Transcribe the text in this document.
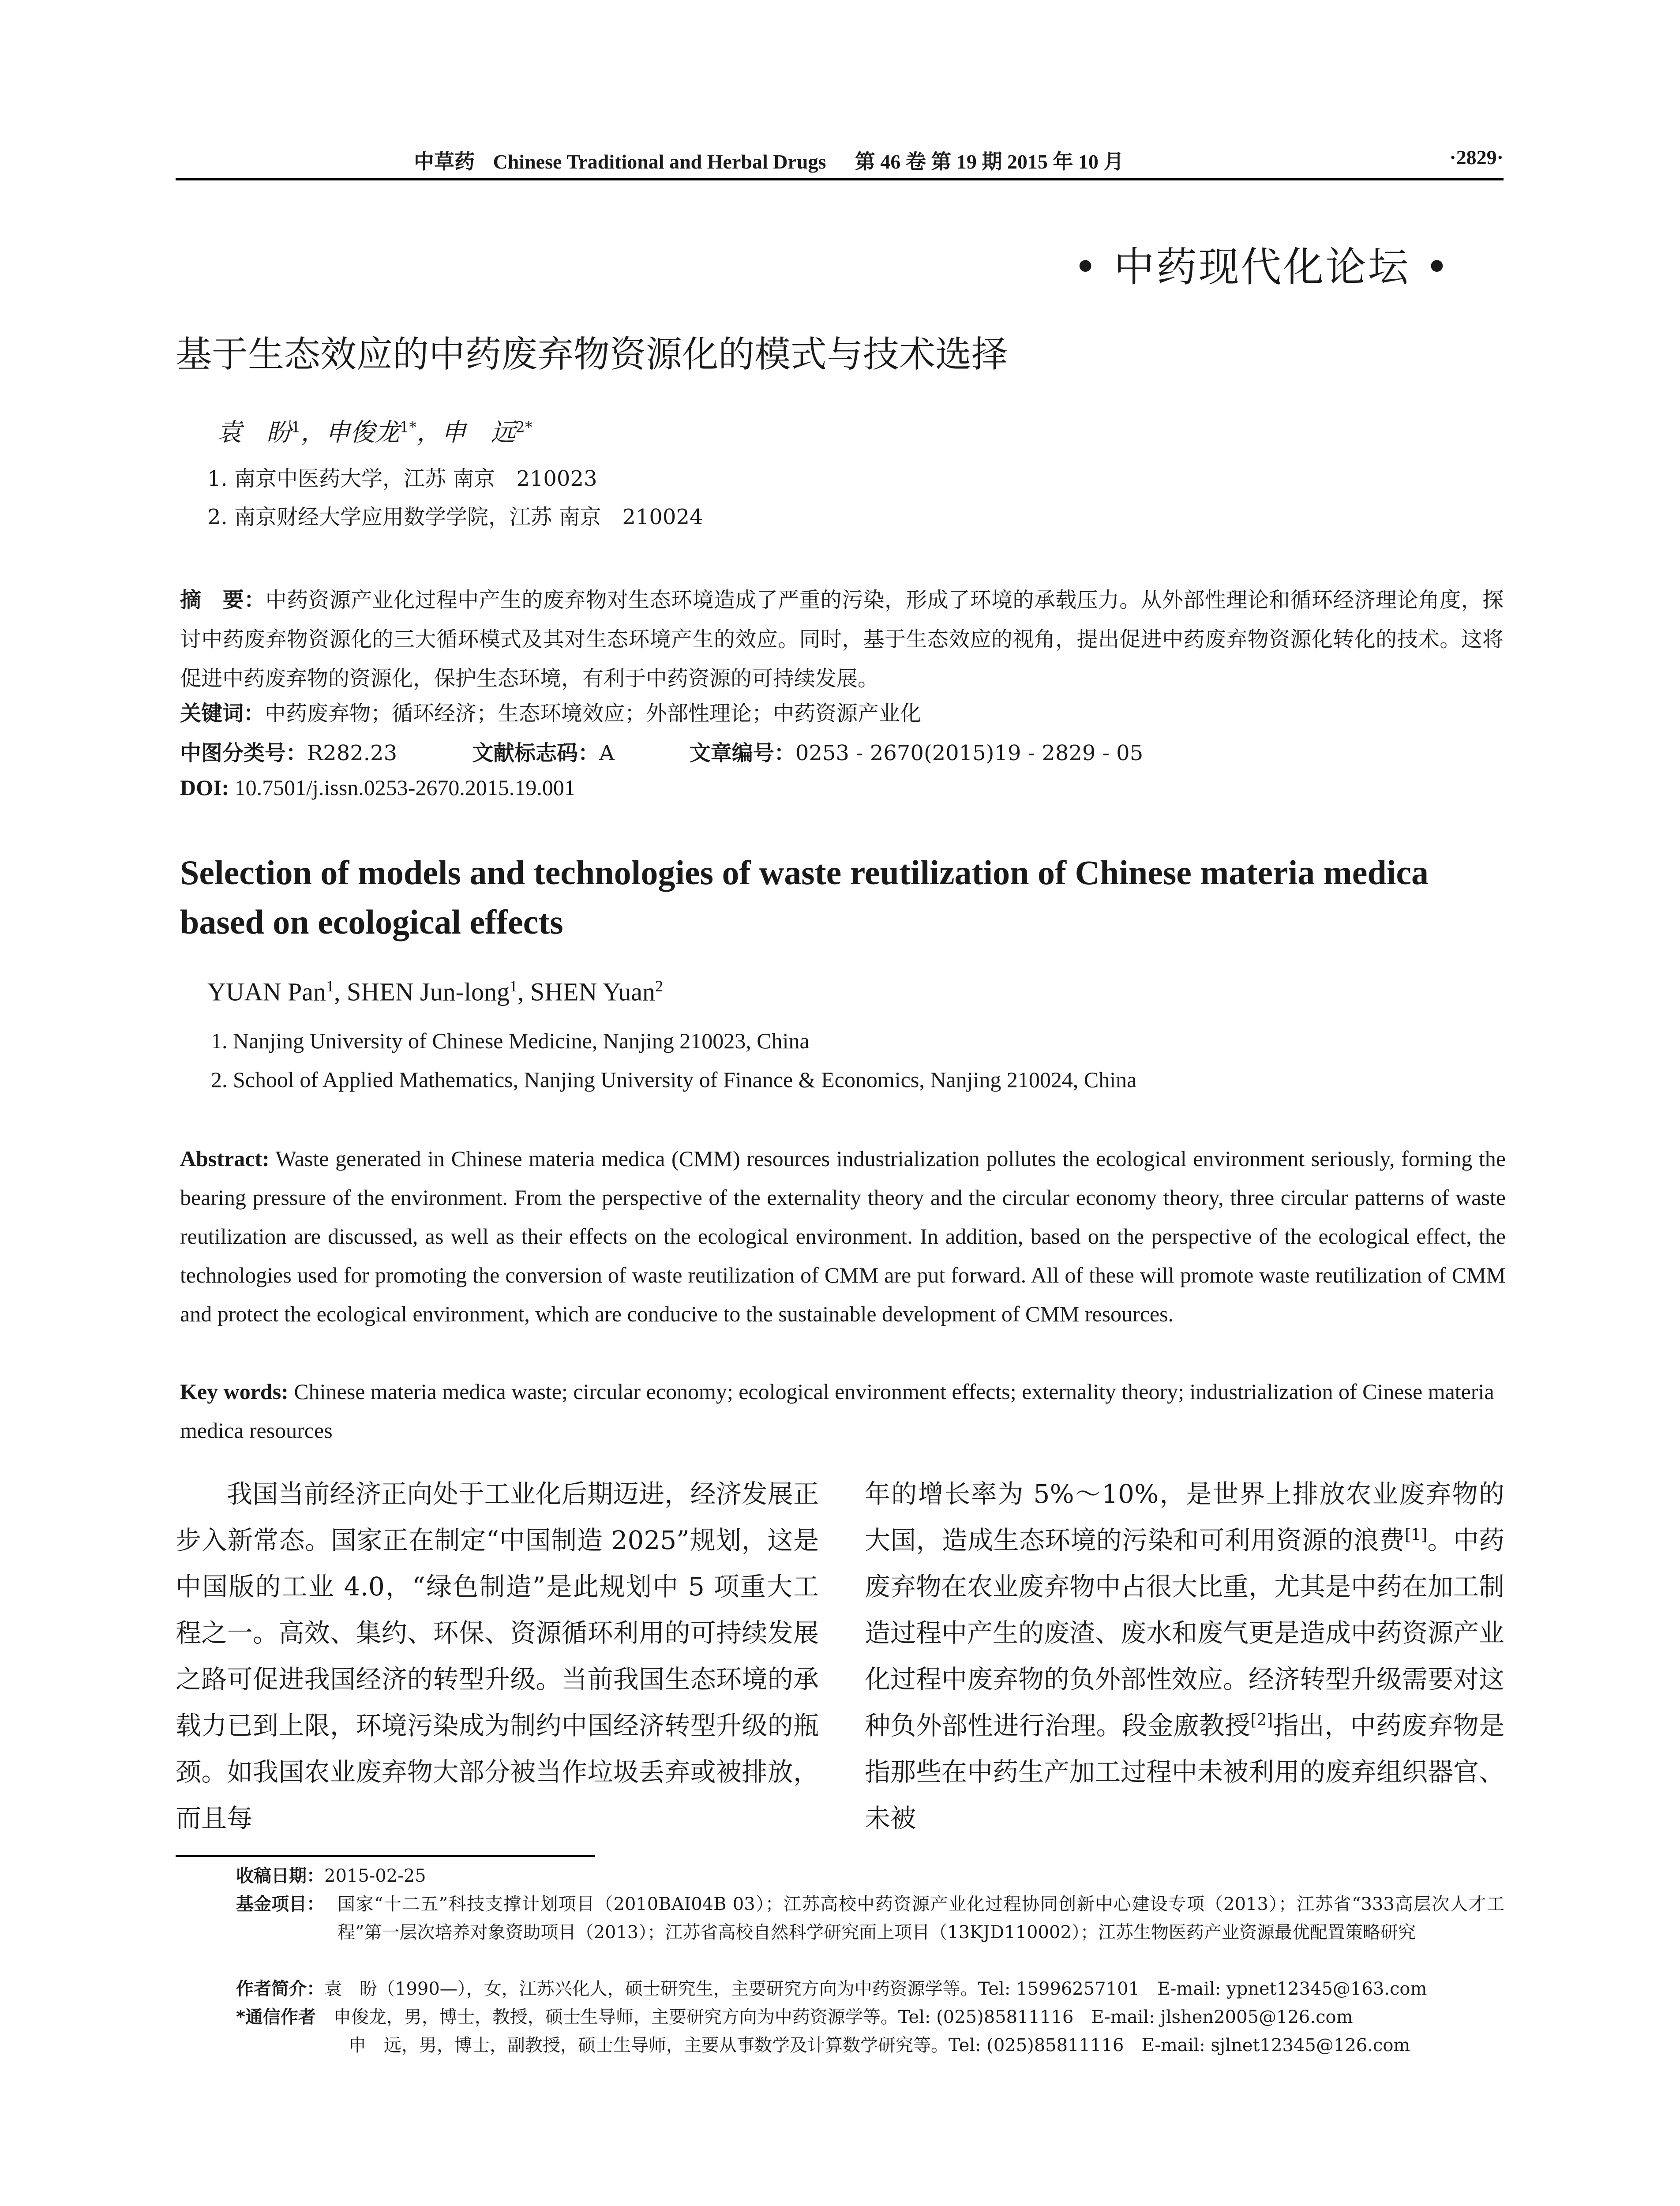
中草药 Chinese Traditional and Herbal Drugs 第 46 卷 第 19 期 2015 年 10 月	·2829·
• 中药现代化论坛 •
基于生态效应的中药废弃物资源化的模式与技术选择
袁　盼$^1$，申俊龙$^{1*}$，申　远$^{2*}$
1. 南京中医药大学，江苏 南京　210023
2. 南京财经大学应用数学学院，江苏 南京　210024
摘　要：中药资源产业化过程中产生的废弃物对生态环境造成了严重的污染，形成了环境的承载压力。从外部性理论和循环经济理论角度，探讨中药废弃物资源化的三大循环模式及其对生态环境产生的效应。同时，基于生态效应的视角，提出促进中药废弃物资源化转化的技术。这将促进中药废弃物的资源化，保护生态环境，有利于中药资源的可持续发展。
关键词：中药废弃物；循环经济；生态环境效应；外部性理论；中药资源产业化
中图分类号：R282.23	文献标志码：A	文章编号：0253 - 2670(2015)19 - 2829 - 05
DOI: 10.7501/j.issn.0253-2670.2015.19.001
Selection of models and technologies of waste reutilization of Chinese materia medica based on ecological effects
YUAN Pan$^1$, SHEN Jun-long$^1$, SHEN Yuan$^2$
1. Nanjing University of Chinese Medicine, Nanjing 210023, China
2. School of Applied Mathematics, Nanjing University of Finance & Economics, Nanjing 210024, China
Abstract: Waste generated in Chinese materia medica (CMM) resources industrialization pollutes the ecological environment seriously, forming the bearing pressure of the environment. From the perspective of the externality theory and the circular economy theory, three circular patterns of waste reutilization are discussed, as well as their effects on the ecological environment. In addition, based on the perspective of the ecological effect, the technologies used for promoting the conversion of waste reutilization of CMM are put forward. All of these will promote waste reutilization of CMM and protect the ecological environment, which are conducive to the sustainable development of CMM resources.
Key words: Chinese materia medica waste; circular economy; ecological environment effects; externality theory; industrialization of Cinese materia medica resources
我国当前经济正向处于工业化后期迈进，经济发展正步入新常态。国家正在制定“中国制造 2025”规划，这是中国版的工业 4.0，“绿色制造”是此规划中 5 项重大工程之一。高效、集约、环保、资源循环利用的可持续发展之路可促进我国经济的转型升级。当前我国生态环境的承载力已到上限，环境污染成为制约中国经济转型升级的瓶颈。如我国农业废弃物大部分被当作垃圾丢弃或被排放，而且每
年的增长率为 5%～10%，是世界上排放农业废弃物的大国，造成生态环境的污染和可利用资源的浪费[1]。中药废弃物在农业废弃物中占很大比重，尤其是中药在加工制造过程中产生的废渣、废水和废气更是造成中药资源产业化过程中废弃物的负外部性效应。经济转型升级需要对这种负外部性进行治理。段金廒教授[2]指出，中药废弃物是指那些在中药生产加工过程中未被利用的废弃组织器官、未被
收稿日期：2015-02-25
基金项目： 国家“十二五”科技支撑计划项目（2010BAI04B 03）；江苏高校中药资源产业化过程协同创新中心建设专项（2013）；江苏省“333高层次人才工程”第一层次培养对象资助项目（2013）；江苏省高校自然科学研究面上项目（13KJD110002）；江苏生物医药产业资源最优配置策略研究
作者简介：袁　盼（1990—），女，江苏兴化人，硕士研究生，主要研究方向为中药资源学等。Tel: 15996257101　E-mail: ypnet12345@163.com
*通信作者　 申俊龙，男，博士，教授，硕士生导师，主要研究方向为中药资源学等。Tel: (025)85811116　E-mail: jlshen2005@126.com
申　远，男，博士，副教授，硕士生导师，主要从事数学及计算数学研究等。Tel: (025)85811116　E-mail: sjlnet12345@126.com
